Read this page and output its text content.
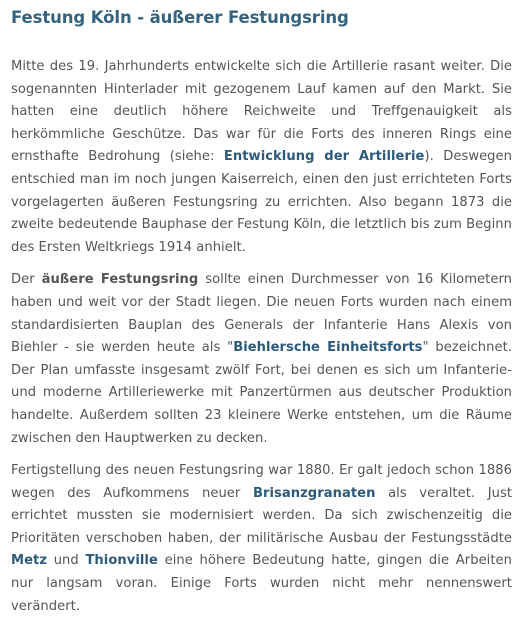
Festung Köln - äußerer Festungsring

Mitte des 19. Jahrhunderts entwickelte sich die Artillerie rasant weiter. Die sogenannten Hinterlader mit gezogenem Lauf kamen auf den Markt. Sie hatten eine deutlich höhere Reichweite und Treffgenauigkeit als herkömmliche Geschütze. Das war für die Forts des inneren Rings eine ernsthafte Bedrohung (siehe: Entwicklung der Artillerie). Deswegen entschied man im noch jungen Kaiserreich, einen den just errichteten Forts vorgelagerten äußeren Festungsring zu errichten. Also begann 1873 die zweite bedeutende Bauphase der Festung Köln, die letztlich bis zum Beginn des Ersten Weltkriegs 1914 anhielt.

Der äußere Festungsring sollte einen Durchmesser von 16 Kilometern haben und weit vor der Stadt liegen. Die neuen Forts wurden nach einem standardisierten Bauplan des Generals der Infanterie Hans Alexis von Biehler - sie werden heute als "Biehlersche Einheitsforts" bezeichnet. Der Plan umfasste insgesamt zwölf Fort, bei denen es sich um Infanterie- und moderne Artilleriewerke mit Panzertürmen aus deutscher Produktion handelte. Außerdem sollten 23 kleinere Werke entstehen, um die Räume zwischen den Hauptwerken zu decken.

Fertigstellung des neuen Festungsring war 1880. Er galt jedoch schon 1886 wegen des Aufkommens neuer Brisanzgranaten als veraltet. Just errichtet mussten sie modernisiert werden. Da sich zwischenzeitig die Prioritäten verschoben haben, der militärische Ausbau der Festungsstädte Metz und Thionville eine höhere Bedeutung hatte, gingen die Arbeiten nur langsam voran. Einige Forts wurden nicht mehr nennenswert verändert.
